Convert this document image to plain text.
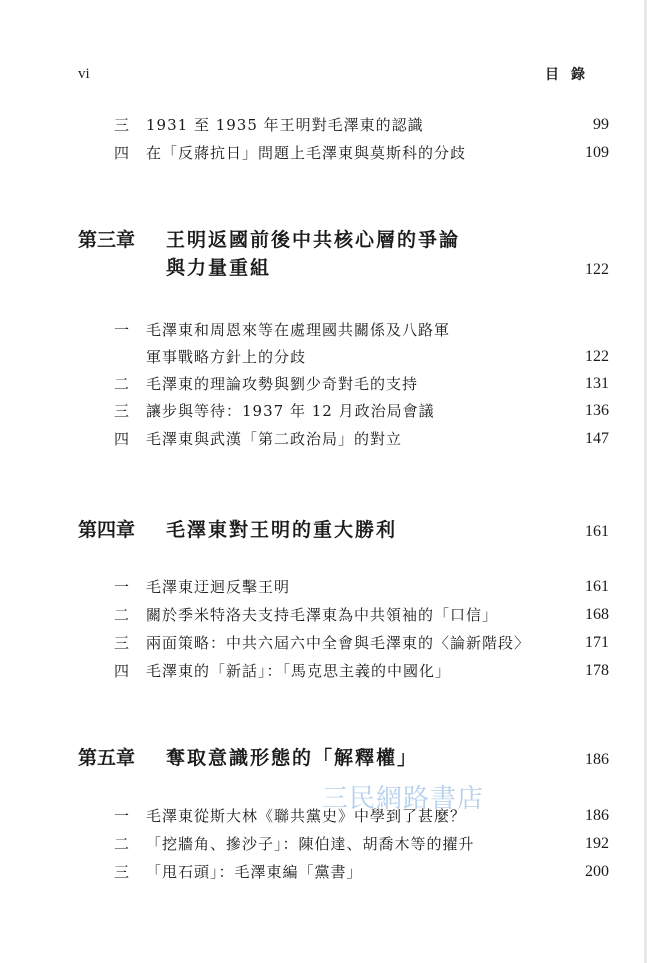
vi	目錄
三 1931 至 1935 年王明對毛澤東的認識	99
四 在「反蔣抗日」問題上毛澤東與莫斯科的分歧	109
第三章 王明返國前後中共核心層的爭論
與力量重組	122
一 毛澤東和周恩來等在處理國共關係及八路軍
軍事戰略方針上的分歧	122
二 毛澤東的理論攻勢與劉少奇對毛的支持	131
三 讓步與等待：1937 年 12 月政治局會議	136
四 毛澤東與武漢「第二政治局」的對立	147
第四章 毛澤東對王明的重大勝利	161
一 毛澤東迂迴反擊王明	161
二 關於季米特洛夫支持毛澤東為中共領袖的「口信」	168
三 兩面策略：中共六屆六中全會與毛澤東的〈論新階段〉	171
四 毛澤東的「新話」：「馬克思主義的中國化」	178
第五章 奪取意識形態的「解釋權」	186
三民網路書店
一 毛澤東從斯大林《聯共黨史》中學到了甚麼？	186
二 「挖牆角、摻沙子」：陳伯達、胡喬木等的擢升	192
三 「甩石頭」：毛澤東編「黨書」	200
